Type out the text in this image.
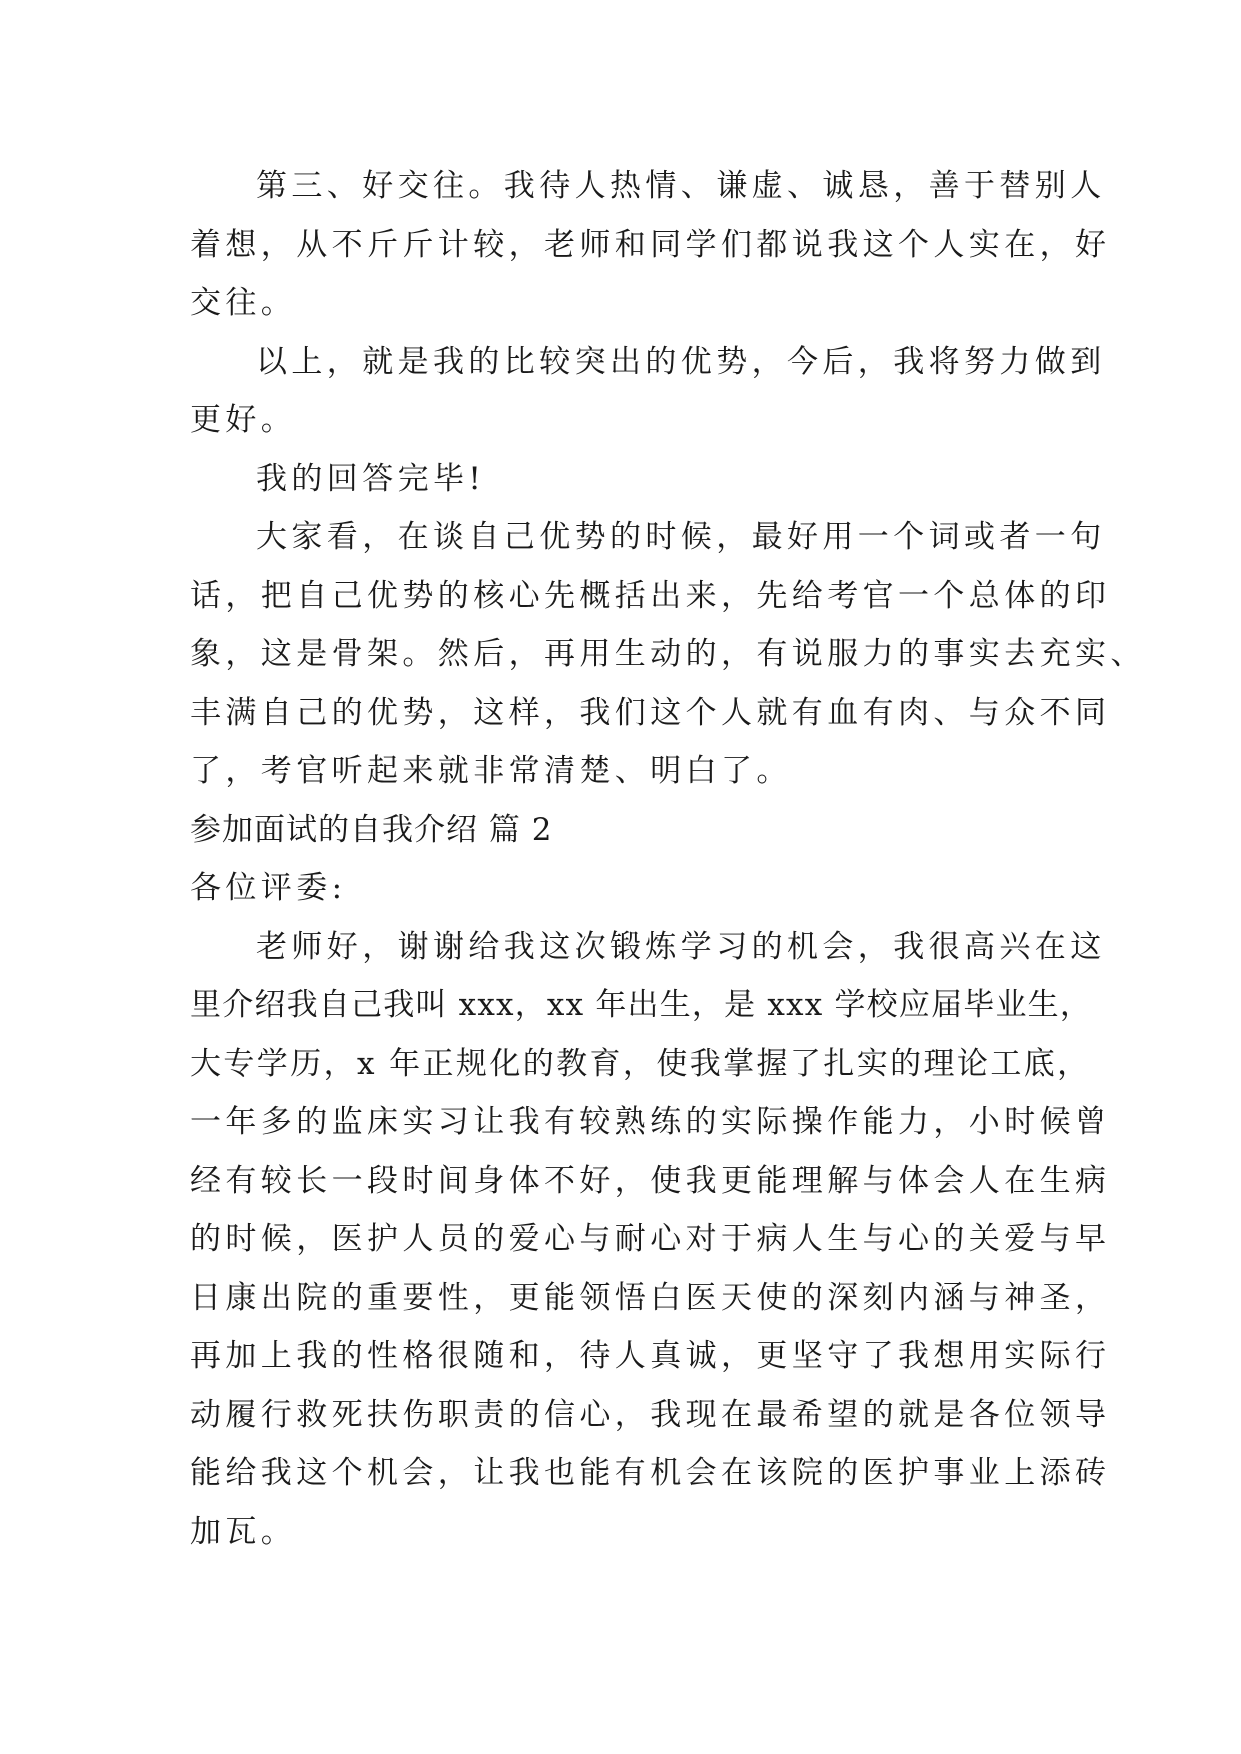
第三、好交往。我待人热情、谦虚、诚恳，善于替别人
着想，从不斤斤计较，老师和同学们都说我这个人实在，好
交往。
以上，就是我的比较突出的优势，今后，我将努力做到
更好。
我的回答完毕!
大家看，在谈自己优势的时候，最好用一个词或者一句
话，把自己优势的核心先概括出来，先给考官一个总体的印
象，这是骨架。然后，再用生动的，有说服力的事实去充实、
丰满自己的优势，这样，我们这个人就有血有肉、与众不同
了，考官听起来就非常清楚、明白了。
参加面试的自我介绍 篇 2
各位评委:
老师好，谢谢给我这次锻炼学习的机会，我很高兴在这
里介绍我自己我叫 xxx，xx 年出生，是 xxx 学校应届毕业生，
大专学历，x 年正规化的教育，使我掌握了扎实的理论工底，
一年多的监床实习让我有较熟练的实际操作能力，小时候曾
经有较长一段时间身体不好，使我更能理解与体会人在生病
的时候，医护人员的爱心与耐心对于病人生与心的关爱与早
日康出院的重要性，更能领悟白医天使的深刻内涵与神圣，
再加上我的性格很随和，待人真诚，更坚守了我想用实际行
动履行救死扶伤职责的信心，我现在最希望的就是各位领导
能给我这个机会，让我也能有机会在该院的医护事业上添砖
加瓦。
